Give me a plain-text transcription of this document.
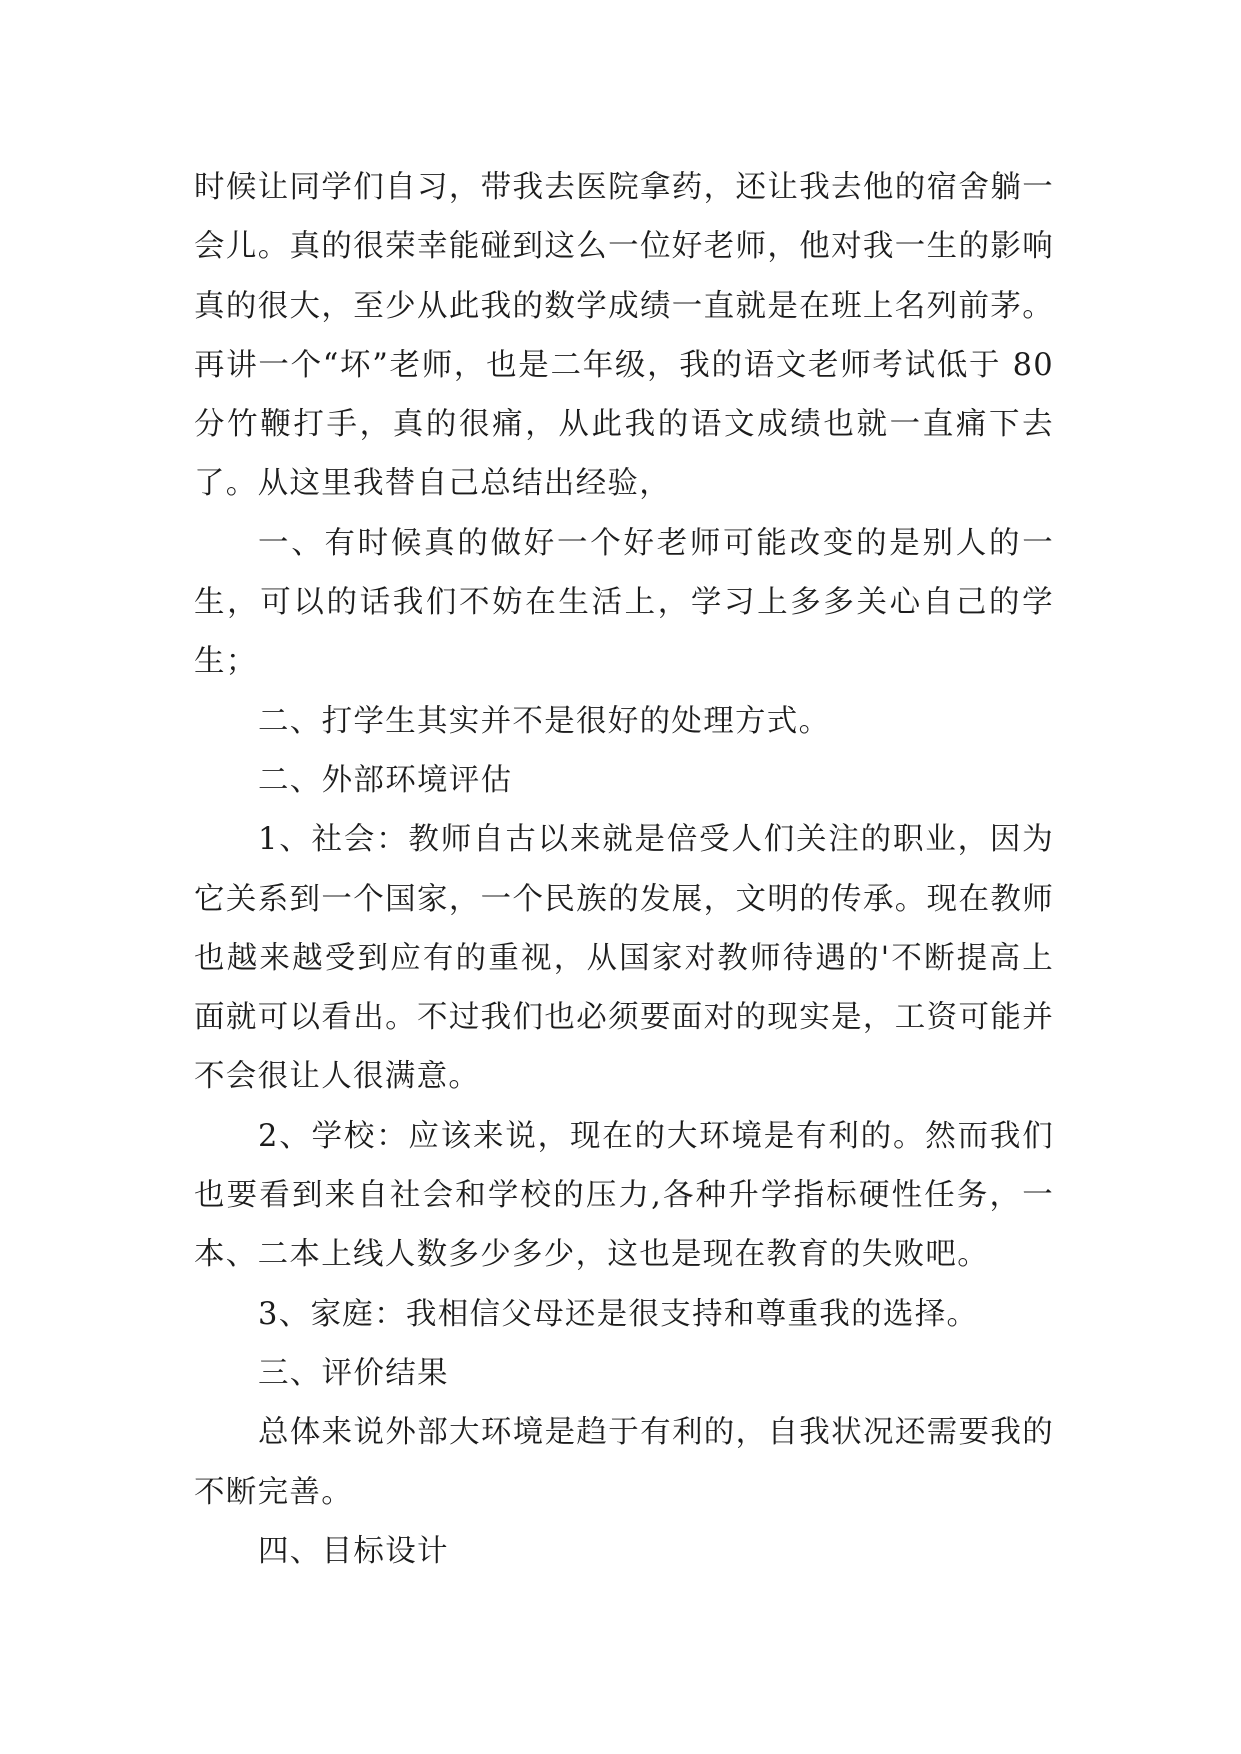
时候让同学们自习，带我去医院拿药，还让我去他的宿舍躺一会儿。真的很荣幸能碰到这么一位好老师，他对我一生的影响真的很大，至少从此我的数学成绩一直就是在班上名列前茅。再讲一个“坏”老师，也是二年级，我的语文老师考试低于 80 分竹鞭打手，真的很痛，从此我的语文成绩也就一直痛下去了。从这里我替自己总结出经验，

一、有时候真的做好一个好老师可能改变的是别人的一生，可以的话我们不妨在生活上，学习上多多关心自己的学生；

二、打学生其实并不是很好的处理方式。

二、外部环境评估

1、社会：教师自古以来就是倍受人们关注的职业，因为它关系到一个国家，一个民族的发展，文明的传承。现在教师也越来越受到应有的重视，从国家对教师待遇的'不断提高上面就可以看出。不过我们也必须要面对的现实是，工资可能并不会很让人很满意。

2、学校：应该来说，现在的大环境是有利的。然而我们也要看到来自社会和学校的压力,各种升学指标硬性任务，一本、二本上线人数多少多少，这也是现在教育的失败吧。

3、家庭：我相信父母还是很支持和尊重我的选择。

三、评价结果

总体来说外部大环境是趋于有利的，自我状况还需要我的不断完善。

四、目标设计
